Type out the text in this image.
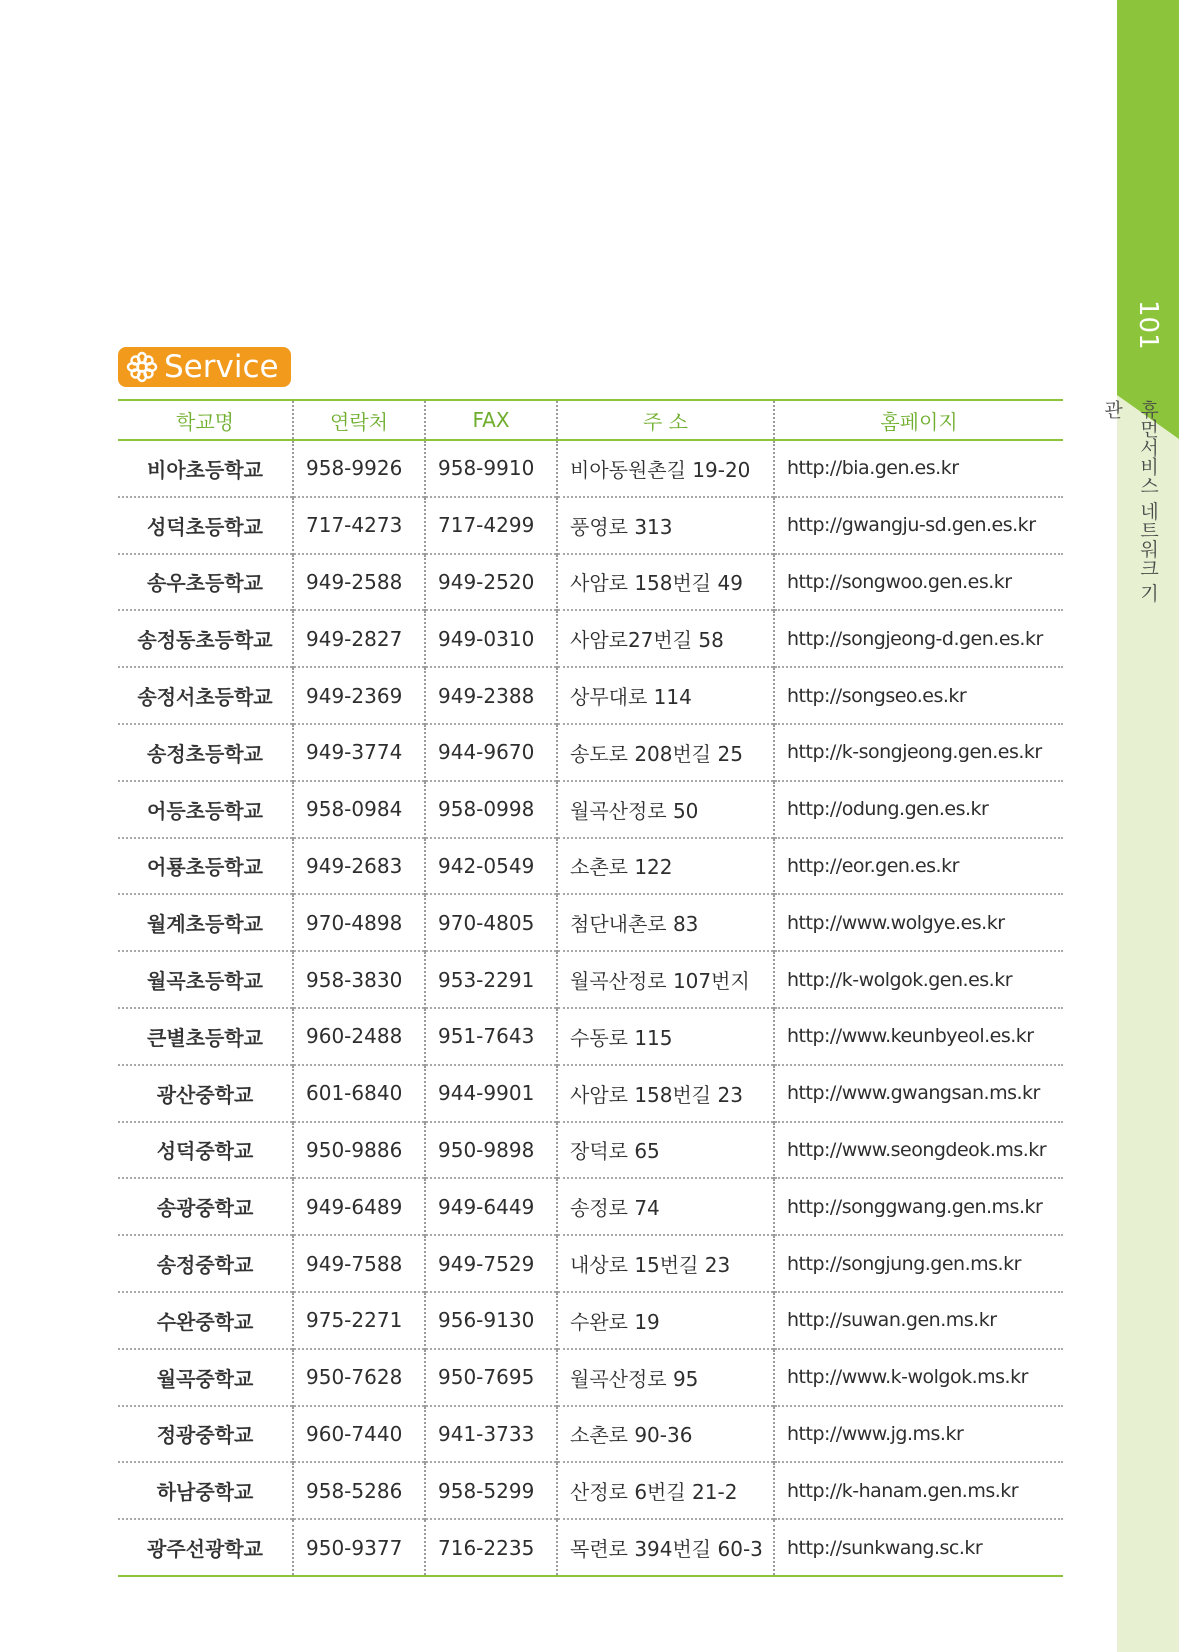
101
휴먼서비스 네트워크 기관
Service
학교명	연락처	FAX	주 소	홈페이지
비아초등학교	958-9926	958-9910	비아동원촌길 19-20	http://bia.gen.es.kr
성덕초등학교	717-4273	717-4299	풍영로 313	http://gwangju-sd.gen.es.kr
송우초등학교	949-2588	949-2520	사암로 158번길 49	http://songwoo.gen.es.kr
송정동초등학교	949-2827	949-0310	사암로27번길 58	http://songjeong-d.gen.es.kr
송정서초등학교	949-2369	949-2388	상무대로 114	http://songseo.es.kr
송정초등학교	949-3774	944-9670	송도로 208번길 25	http://k-songjeong.gen.es.kr
어등초등학교	958-0984	958-0998	월곡산정로 50	http://odung.gen.es.kr
어룡초등학교	949-2683	942-0549	소촌로 122	http://eor.gen.es.kr
월계초등학교	970-4898	970-4805	첨단내촌로 83	http://www.wolgye.es.kr
월곡초등학교	958-3830	953-2291	월곡산정로 107번지	http://k-wolgok.gen.es.kr
큰별초등학교	960-2488	951-7643	수동로 115	http://www.keunbyeol.es.kr
광산중학교	601-6840	944-9901	사암로 158번길 23	http://www.gwangsan.ms.kr
성덕중학교	950-9886	950-9898	장덕로 65	http://www.seongdeok.ms.kr
송광중학교	949-6489	949-6449	송정로 74	http://songgwang.gen.ms.kr
송정중학교	949-7588	949-7529	내상로 15번길 23	http://songjung.gen.ms.kr
수완중학교	975-2271	956-9130	수완로 19	http://suwan.gen.ms.kr
월곡중학교	950-7628	950-7695	월곡산정로 95	http://www.k-wolgok.ms.kr
정광중학교	960-7440	941-3733	소촌로 90-36	http://www.jg.ms.kr
하남중학교	958-5286	958-5299	산정로 6번길 21-2	http://k-hanam.gen.ms.kr
광주선광학교	950-9377	716-2235	목련로 394번길 60-3	http://sunkwang.sc.kr
